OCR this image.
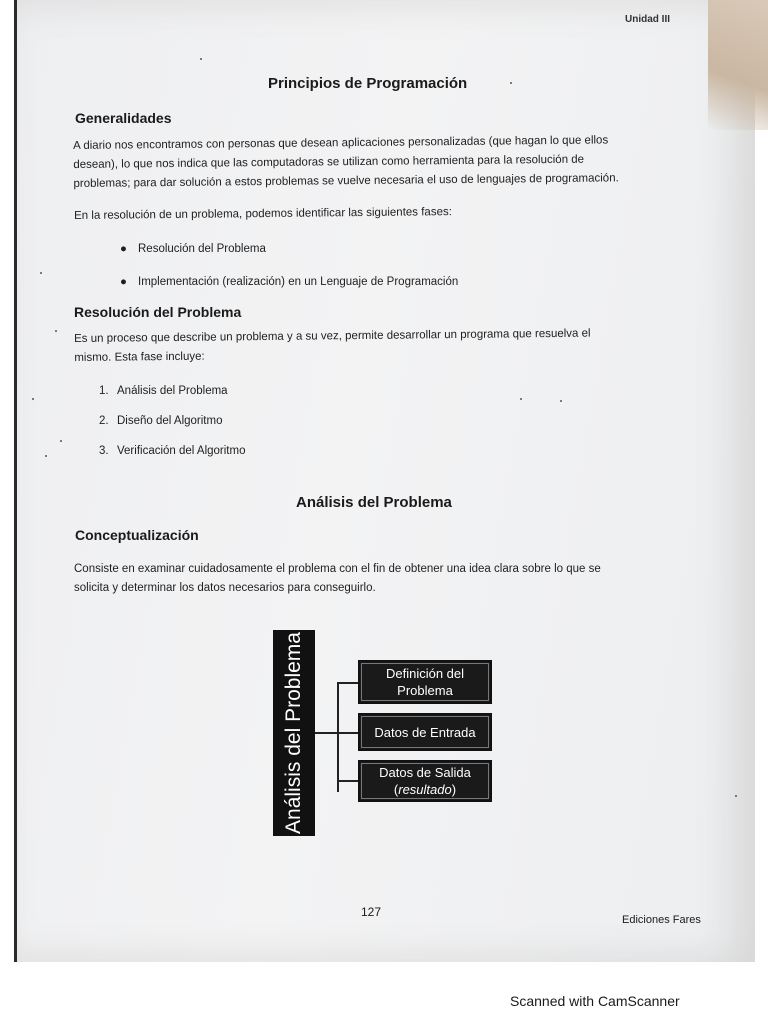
Unidad III
Principios de Programación
Generalidades
A diario nos encontramos con personas que desean aplicaciones personalizadas (que hagan lo que ellos
desean), lo que nos indica que las computadoras se utilizan como herramienta para la resolución de
problemas; para dar solución a estos problemas se vuelve necesaria el uso de lenguajes de programación.
En la resolución de un problema, podemos identificar las siguientes fases:
● Resolución del Problema
● Implementación (realización) en un Lenguaje de Programación
Resolución del Problema
Es un proceso que describe un problema y a su vez, permite desarrollar un programa que resuelva el
mismo. Esta fase incluye:
1. Análisis del Problema
2. Diseño del Algoritmo
3. Verificación del Algoritmo
Análisis del Problema
Conceptualización
Consiste en examinar cuidadosamente el problema con el fin de obtener una idea clara sobre lo que se
solicita y determinar los datos necesarios para conseguirlo.
Análisis del Problema	Definición del
Problema
Datos de Entrada
Datos de Salida
(resultado)
127
Ediciones Fares
Scanned with CamScanner
